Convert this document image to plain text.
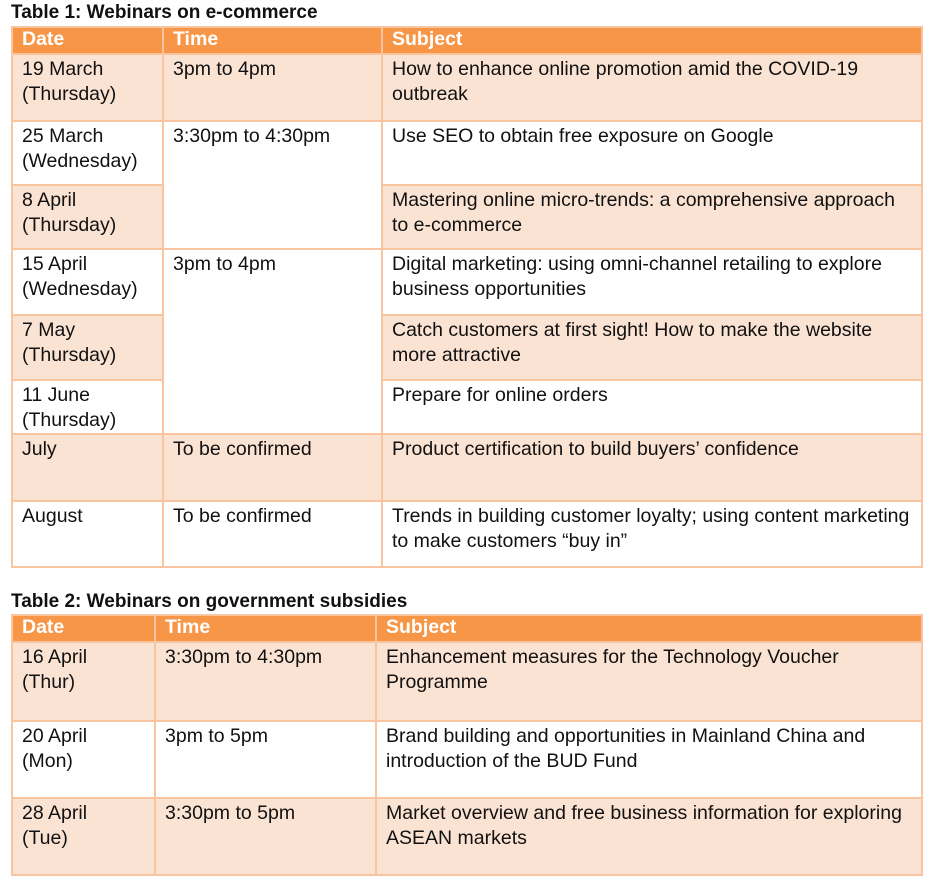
Table 1: Webinars on e-commerce
Date	Time	Subject
19 March
(Thursday)	3pm to 4pm	How to enhance online promotion amid the COVID-19 outbreak
25 March
(Wednesday)	3:30pm to 4:30pm	Use SEO to obtain free exposure on Google
8 April
(Thursday)		Mastering online micro-trends: a comprehensive approach to e-commerce
15 April
(Wednesday)	3pm to 4pm	Digital marketing: using omni-channel retailing to explore business opportunities
7 May
(Thursday)		Catch customers at first sight! How to make the website more attractive
11 June
(Thursday)		Prepare for online orders
July	To be confirmed	Product certification to build buyers’ confidence
August	To be confirmed	Trends in building customer loyalty; using content marketing to make customers “buy in”
Table 2: Webinars on government subsidies
Date	Time	Subject
16 April
(Thur)	3:30pm to 4:30pm	Enhancement measures for the Technology Voucher Programme
20 April
(Mon)	3pm to 5pm	Brand building and opportunities in Mainland China and introduction of the BUD Fund
28 April
(Tue)	3:30pm to 5pm	Market overview and free business information for exploring ASEAN markets
